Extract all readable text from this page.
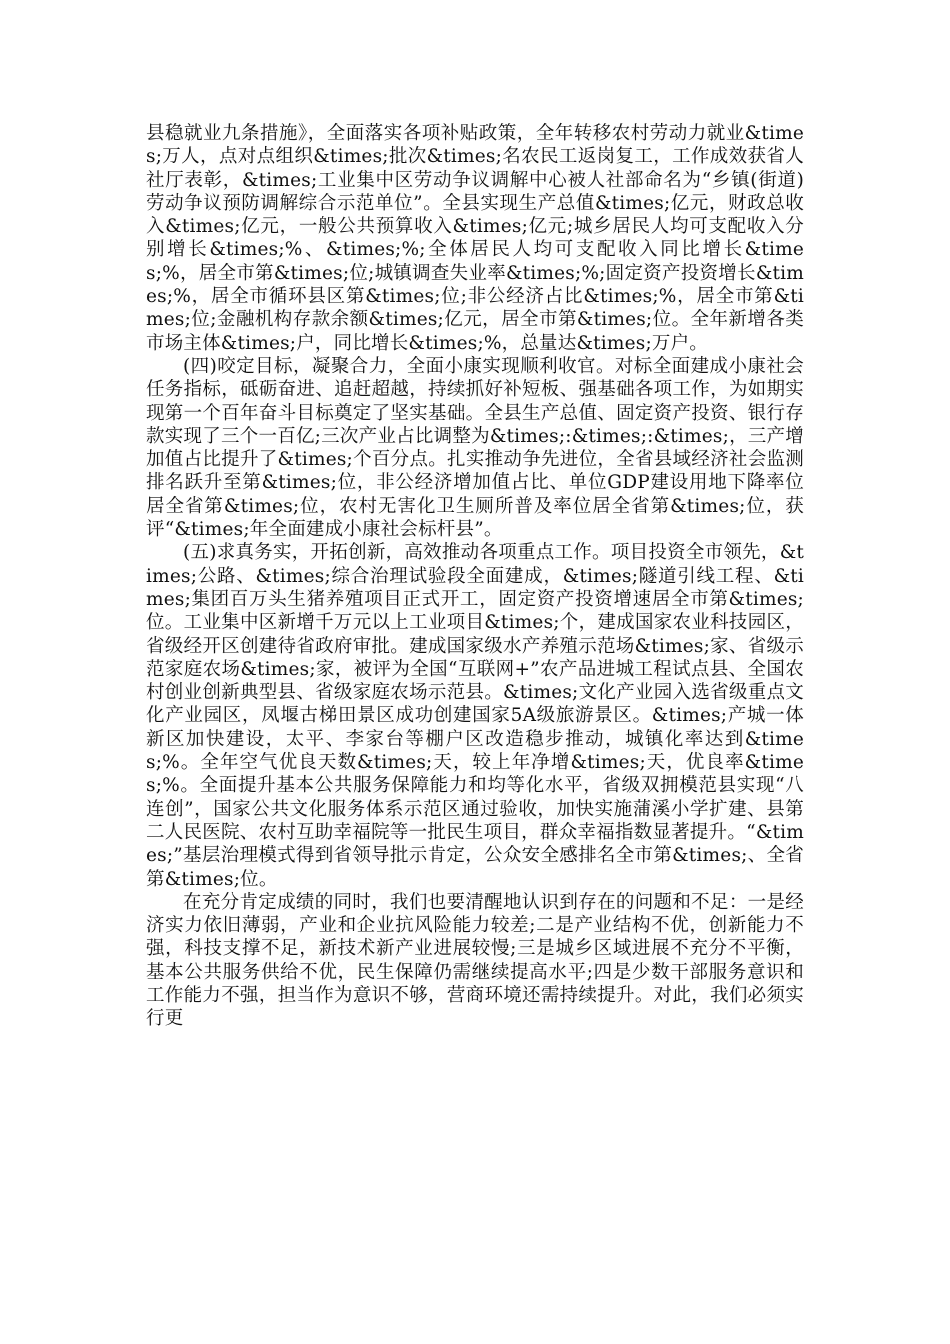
县稳就业九条措施》，全面落实各项补贴政策，全年转移农村劳动力就业&times;万人，点对点组织&times;批次&times;名农民工返岗复工，工作成效获省人社厅表彰，&times;工业集中区劳动争议调解中心被人社部命名为“乡镇(街道)劳动争议预防调解综合示范单位”。全县实现生产总值&times;亿元，财政总收入&times;亿元，一般公共预算收入&times;亿元;城乡居民人均可支配收入分别增长&times;%、&times;%;全体居民人均可支配收入同比增长&times;%，居全市第&times;位;城镇调查失业率&times;%;固定资产投资增长&times;%，居全市循环县区第&times;位;非公经济占比&times;%，居全市第&times;位;金融机构存款余额&times;亿元，居全市第&times;位。全年新增各类市场主体&times;户，同比增长&times;%，总量达&times;万户。

(四)咬定目标，凝聚合力，全面小康实现顺利收官。对标全面建成小康社会任务指标，砥砺奋进、追赶超越，持续抓好补短板、强基础各项工作，为如期实现第一个百年奋斗目标奠定了坚实基础。全县生产总值、固定资产投资、银行存款实现了三个一百亿;三次产业占比调整为&times;:&times;:&times;，三产增加值占比提升了&times;个百分点。扎实推动争先进位，全省县域经济社会监测排名跃升至第&times;位，非公经济增加值占比、单位GDP建设用地下降率位居全省第&times;位，农村无害化卫生厕所普及率位居全省第&times;位，获评“&times;年全面建成小康社会标杆县”。

(五)求真务实，开拓创新，高效推动各项重点工作。项目投资全市领先，&times;公路、&times;综合治理试验段全面建成，&times;隧道引线工程、&times;集团百万头生猪养殖项目正式开工，固定资产投资增速居全市第&times;位。工业集中区新增千万元以上工业项目&times;个，建成国家农业科技园区，省级经开区创建待省政府审批。建成国家级水产养殖示范场&times;家、省级示范家庭农场&times;家，被评为全国“互联网+”农产品进城工程试点县、全国农村创业创新典型县、省级家庭农场示范县。&times;文化产业园入选省级重点文化产业园区，凤堰古梯田景区成功创建国家5A级旅游景区。&times;产城一体新区加快建设，太平、李家台等棚户区改造稳步推动，城镇化率达到&times;%。全年空气优良天数&times;天，较上年净增&times;天，优良率&times;%。全面提升基本公共服务保障能力和均等化水平，省级双拥模范县实现“八连创”，国家公共文化服务体系示范区通过验收，加快实施蒲溪小学扩建、县第二人民医院、农村互助幸福院等一批民生项目，群众幸福指数显著提升。“&times;”基层治理模式得到省领导批示肯定，公众安全感排名全市第&times;、全省第&times;位。

在充分肯定成绩的同时，我们也要清醒地认识到存在的问题和不足：一是经济实力依旧薄弱，产业和企业抗风险能力较差;二是产业结构不优，创新能力不强，科技支撑不足，新技术新产业进展较慢;三是城乡区域进展不充分不平衡，基本公共服务供给不优，民生保障仍需继续提高水平;四是少数干部服务意识和工作能力不强，担当作为意识不够，营商环境还需持续提升。对此，我们必须实行更
